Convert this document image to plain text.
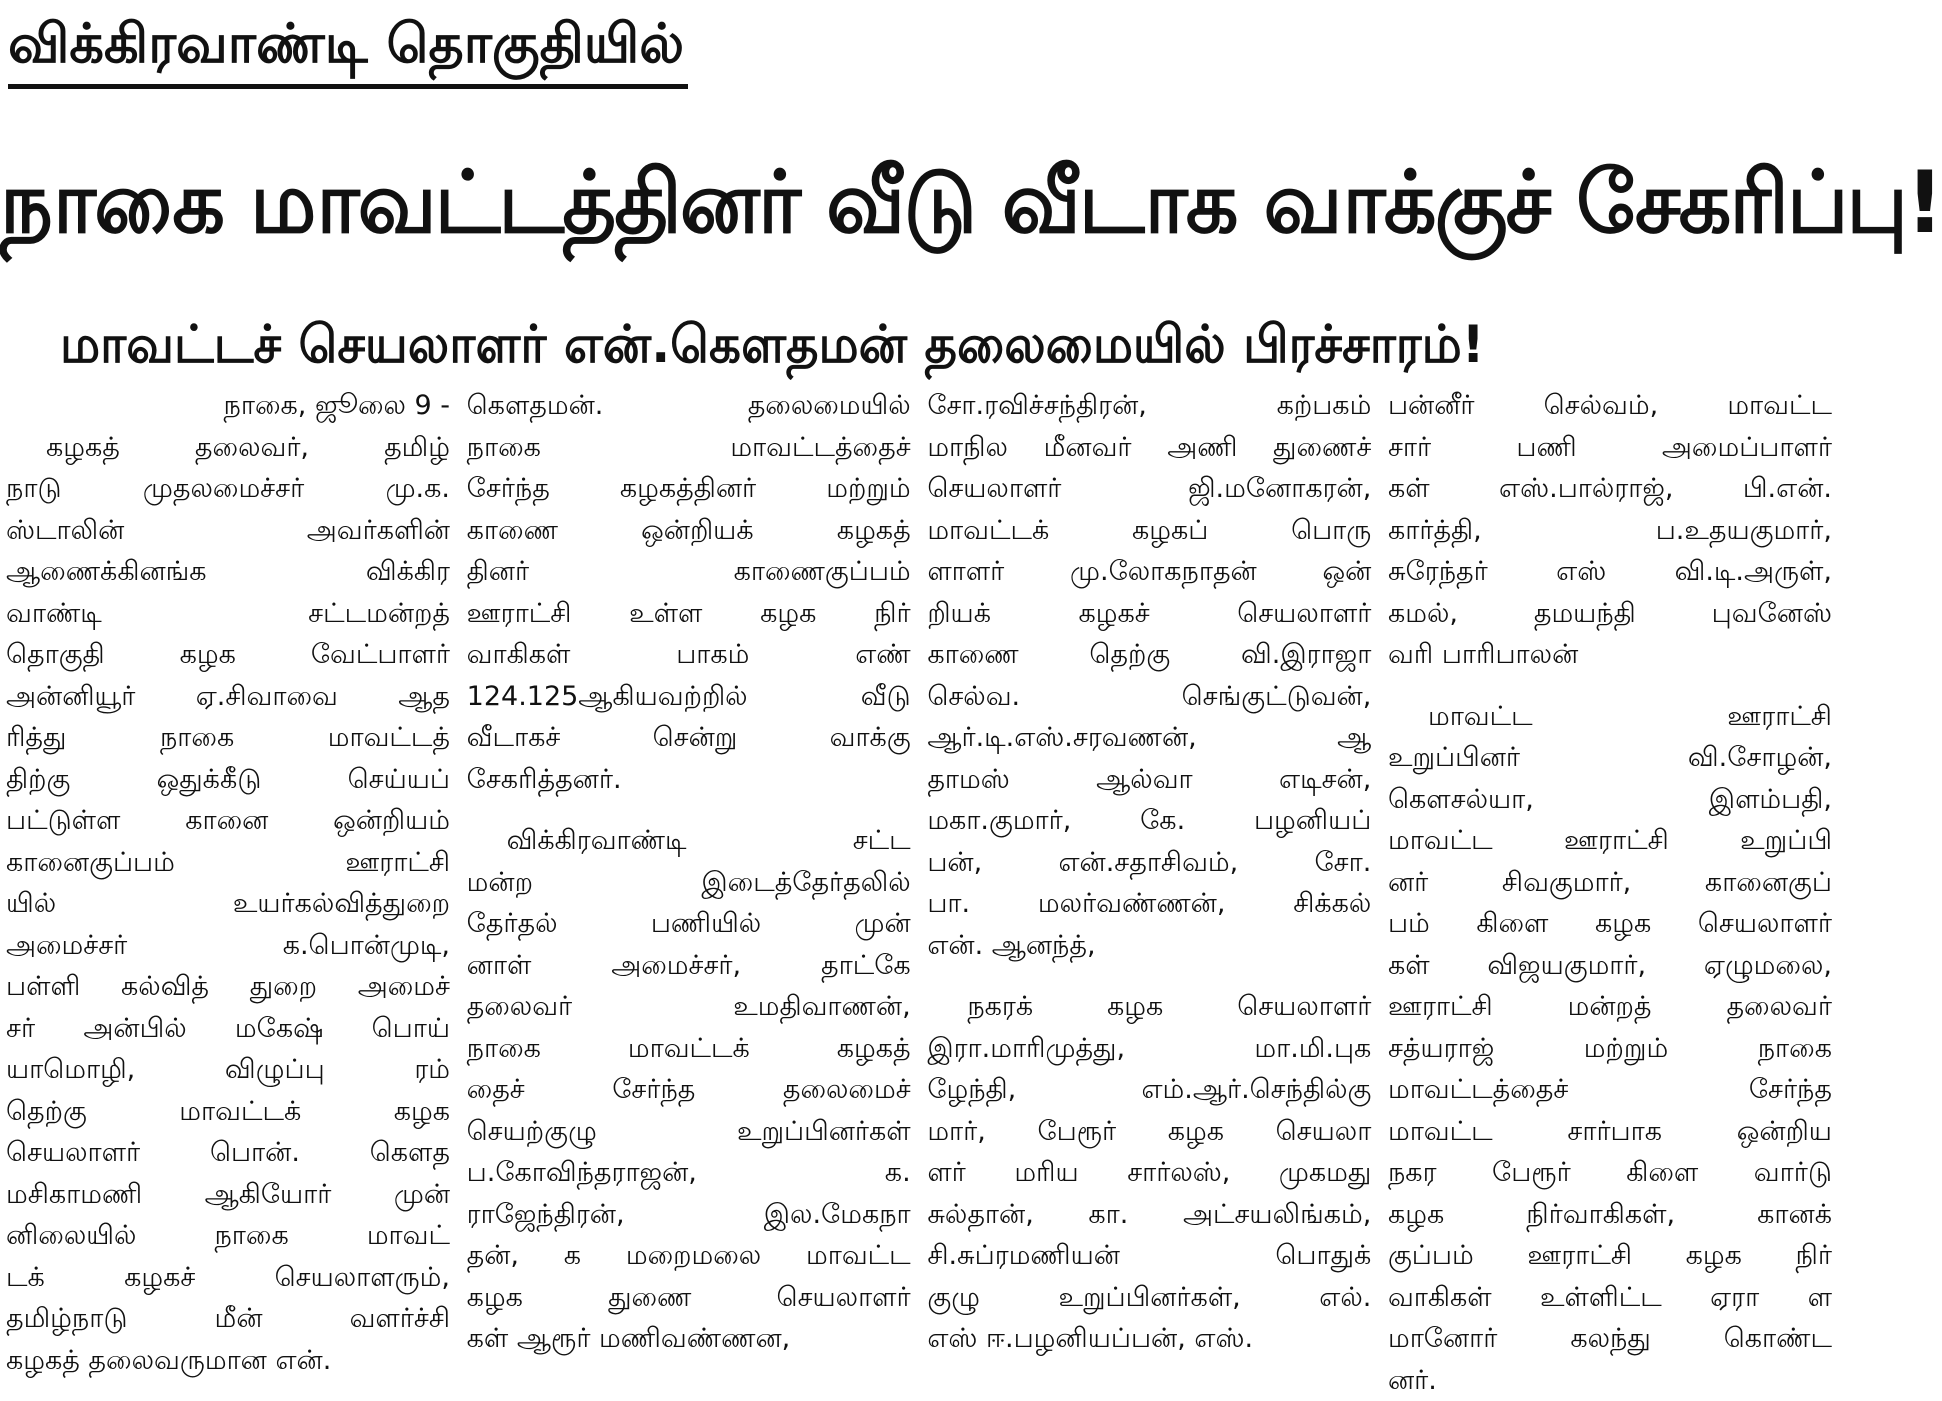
விக்கிரவாண்டி தொகுதியில்
நாகை மாவட்டத்தினர் வீடு வீடாக வாக்குச் சேகரிப்பு!
மாவட்டச் செயலாளர் என்.கௌதமன் தலைமையில் பிரச்சாரம்!

நாகை, ஜூலை 9 -

கழகத் தலைவர், தமிழ்

நாடு முதலமைச்சர் மு.க.

ஸ்டாலின் அவர்களின்

ஆணைக்கினங்க விக்கிர

வாண்டி சட்டமன்றத்

தொகுதி கழக வேட்பாளர்

அன்னியூர் ஏ.சிவாவை ஆத

ரித்து நாகை மாவட்டத்

திற்கு ஒதுக்கீடு செய்யப்

பட்டுள்ள கானை ஒன்றியம்

கானைகுப்பம் ஊராட்சி

யில் உயர்கல்வித்துறை

அமைச்சர் க.பொன்முடி,

பள்ளி கல்வித் துறை அமைச்

சர் அன்பில் மகேஷ் பொய்

யாமொழி, விழுப்பு ரம்

தெற்கு மாவட்டக் கழக

செயலாளர் பொன். கௌத

மசிகாமணி ஆகியோர் முன்

னிலையில் நாகை மாவட்

டக் கழகச் செயலாளரும்,

தமிழ்நாடு மீன் வளர்ச்சி

கழகத் தலைவருமான என்.

கௌதமன். தலைமையில்

நாகை மாவட்டத்தைச்

சேர்ந்த கழகத்தினர் மற்றும்

காணை ஒன்றியக் கழகத்

தினர் காணைகுப்பம்

ஊராட்சி உள்ள கழக நிர்

வாகிகள் பாகம் எண்

124.125ஆகியவற்றில் வீடு

வீடாகச் சென்று வாக்கு

சேகரித்தனர்.

விக்கிரவாண்டி சட்ட

மன்ற இடைத்தேர்தலில்

தேர்தல் பணியில் முன்

னாள் அமைச்சர், தாட்கே

தலைவர் உமதிவாணன்,

நாகை மாவட்டக் கழகத்

தைச் சேர்ந்த தலைமைச்

செயற்குழு உறுப்பினர்கள்

ப.கோவிந்தராஜன், க.

ராஜேந்திரன், இல.மேகநா

தன், க மறைமலை மாவட்ட

கழக துணை செயலாளர்

கள் ஆரூர் மணிவண்ணன,

சோ.ரவிச்சந்திரன், கற்பகம்

மாநில மீனவர் அணி துணைச்

செயலாளர் ஜி.மனோகரன்,

மாவட்டக் கழகப் பொரு

ளாளர் மு.லோகநாதன் ஒன்

றியக் கழகச் செயலாளர்

காணை தெற்கு வி.இராஜா

செல்வ. செங்குட்டுவன்,

ஆர்.டி.எஸ்.சரவணன், ஆ

தாமஸ் ஆல்வா எடிசன்,

மகா.குமார், கே. பழனியப்

பன், என்.சதாசிவம், சோ.

பா. மலர்வண்ணன், சிக்கல்

என். ஆனந்த்,

நகரக் கழக செயலாளர்

இரா.மாரிமுத்து, மா.மி.புக

ழேந்தி, எம்.ஆர்.செந்தில்கு

மார், பேரூர் கழக செயலா

ளர் மரிய சார்லஸ், முகமது

சுல்தான், கா. அட்சயலிங்கம்,

சி.சுப்ரமணியன் பொதுக்

குழு உறுப்பினர்கள், எல்.

எஸ் ஈ.பழனியப்பன், எஸ்.

பன்னீர் செல்வம், மாவட்ட

சார் பணி அமைப்பாளர்

கள் எஸ்.பால்ராஜ், பி.என்.

கார்த்தி, ப.உதயகுமார்,

சுரேந்தர் எஸ் வி.டி.அருள்,

கமல், தமயந்தி புவனேஸ்

வரி பாரிபாலன்

மாவட்ட ஊராட்சி

உறுப்பினர் வி.சோழன்,

கௌசல்யா, இளம்பதி,

மாவட்ட ஊராட்சி உறுப்பி

னர் சிவகுமார், கானைகுப்

பம் கிளை கழக செயலாளர்

கள் விஜயகுமார், ஏழுமலை,

ஊராட்சி மன்றத் தலைவர்

சத்யராஜ் மற்றும் நாகை

மாவட்டத்தைச் சேர்ந்த

மாவட்ட சார்பாக ஒன்றிய

நகர பேரூர் கிளை வார்டு

கழக நிர்வாகிகள், கானக்

குப்பம் ஊராட்சி கழக நிர்

வாகிகள் உள்ளிட்ட ஏரா ள

மானோர் கலந்து கொண்ட

னர்.
